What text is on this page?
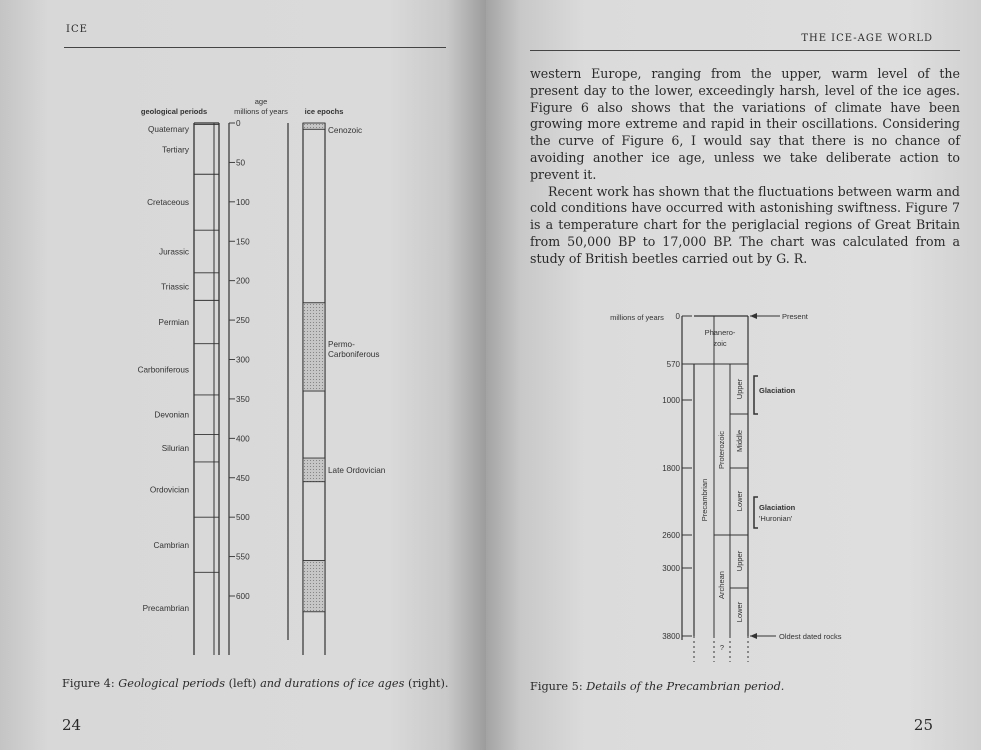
ICE
geological periods
age
millions of years ice epochs
Quaternary
Tertiary
Cretaceous
Jurassic
Triassic
Permian
Carboniferous
Devonian
Silurian
Ordovician
Cambrian
Precambrian
0
50
100
150
200
250
300
350
400
450
500
550
600
Cenozoic
Permo-
Carboniferous
Late Ordovician
Figure 4: Geological periods (left) and durations of ice ages (right).
24
THE ICE-AGE WORLD

western Europe, ranging from the upper, warm level of the present day to the lower, exceedingly harsh, level of the ice ages. Figure 6 also shows that the variations of climate have been growing more extreme and rapid in their oscillations. Considering the curve of Figure 6, I would say that there is no chance of avoiding another ice age, unless we take deliberate action to prevent it.

Recent work has shown that the fluctuations between warm and cold conditions have occurred with astonishing swiftness. Figure 7 is a temperature chart for the periglacial regions of Great Britain from 50,000 BP to 17,000 BP. The chart was calculated from a study of British beetles carried out by G. R.

millions of years 0
570
1000
1800
2600
3000
3800
Phanero-
zoic
Precambrian
Proterozoic
Archean
Upper
Middle
Lower
Upper
Lower
Present
Glaciation
Glaciation
'Huronian'
Oldest dated rocks
?
Figure 5: Details of the Precambrian period.
25
